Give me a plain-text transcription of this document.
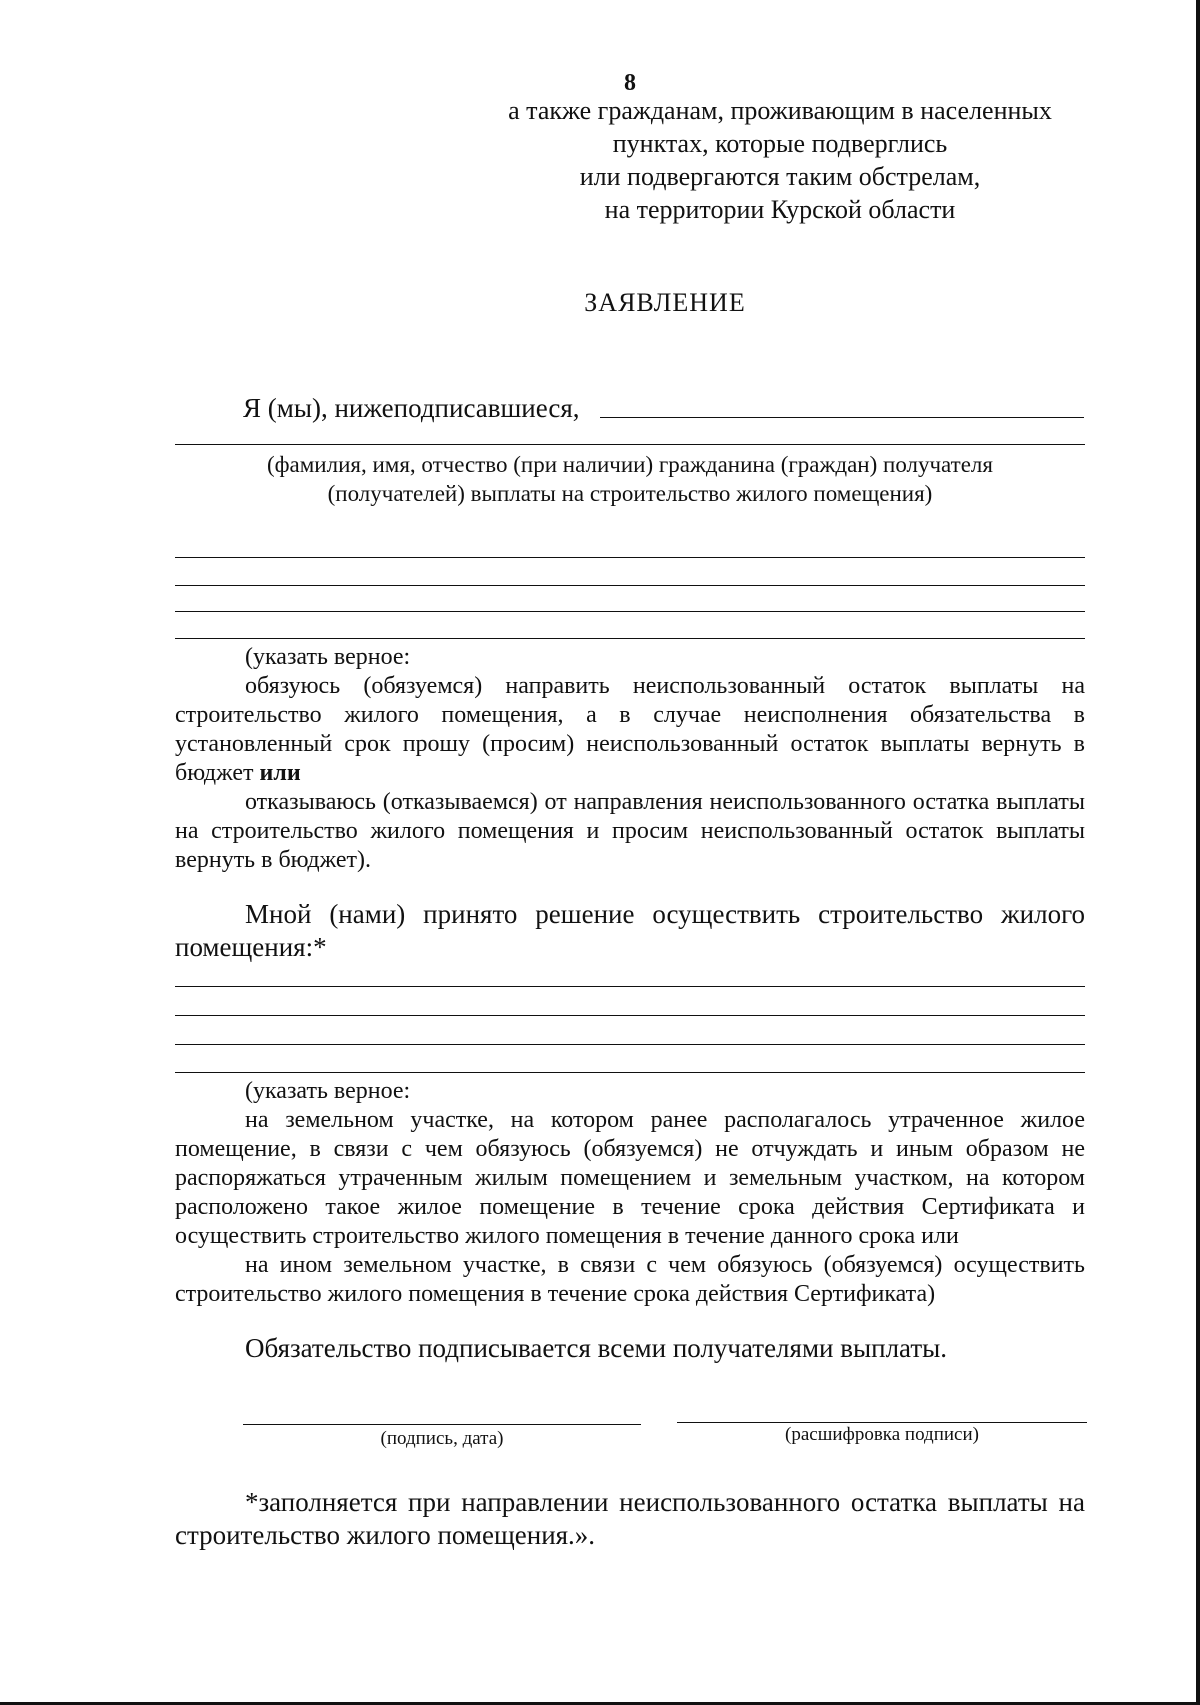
8
а также гражданам, проживающим в населенных
пунктах, которые подверглись
или подвергаются таким обстрелам,
на территории Курской области
ЗАЯВЛЕНИЕ
Я (мы), нижеподписавшиеся,
(фамилия, имя, отчество (при наличии) гражданина (граждан) получателя
(получателей) выплаты на строительство жилого помещения)
(указать верное:
обязуюсь (обязуемся) направить неиспользованный остаток выплаты на строительство жилого помещения, а в случае неисполнения обязательства в установленный срок прошу (просим) неиспользованный остаток выплаты вернуть в бюджет или
отказываюсь (отказываемся) от направления неиспользованного остатка выплаты на строительство жилого помещения и просим неиспользованный остаток выплаты вернуть в бюджет).
Мной (нами) принято решение осуществить строительство жилого помещения:*
(указать верное:
на земельном участке, на котором ранее располагалось утраченное жилое помещение, в связи с чем обязуюсь (обязуемся) не отчуждать и иным образом не распоряжаться утраченным жилым помещением и земельным участком, на котором расположено такое жилое помещение в течение срока действия Сертификата и осуществить строительство жилого помещения в течение данного срока или
на ином земельном участке, в связи с чем обязуюсь (обязуемся) осуществить строительство жилого помещения в течение срока действия Сертификата)
Обязательство подписывается всеми получателями выплаты.
(подпись, дата)	(расшифровка подписи)
*заполняется при направлении неиспользованного остатка выплаты на строительство жилого помещения.».
